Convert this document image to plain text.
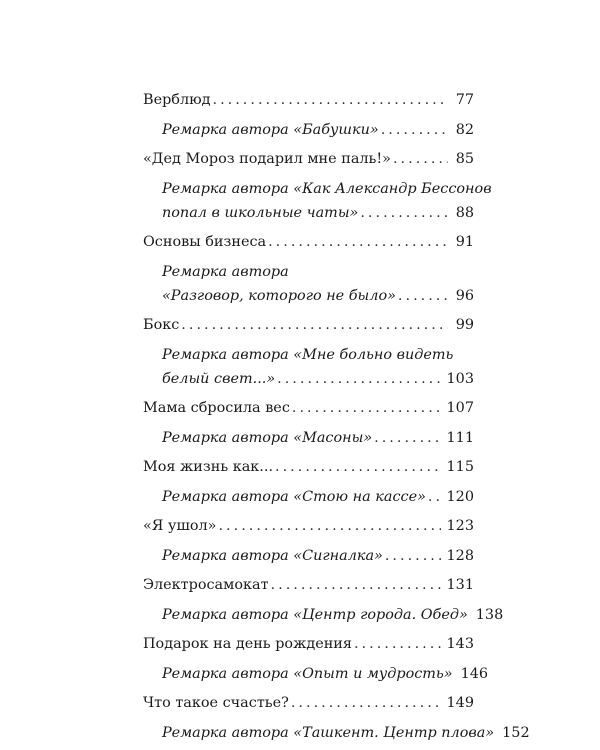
Верблюд .....	77
Ремарка автора «Бабушки» .....	82
«Дед Мороз подарил мне паль!» .....	85
Ремарка автора «Как Александр Бессонов
попал в школьные чаты» .....	88
Основы бизнеса .....	91
Ремарка автора
«Разговор, которого не было» .....	96
Бокс .....	99
Ремарка автора «Мне больно видеть
белый свет...» .....	103
Мама сбросила вес .....	107
Ремарка автора «Масоны» .....	111
Моя жизнь как... .....	115
Ремарка автора «Стою на кассе» ..... 120
«Я ушол» .....	123
Ремарка автора «Сигналка» .....	128
Электросамокат .....	131
Ремарка автора «Центр города. Обед» 138
Подарок на день рождения .....	143
Ремарка автора «Опыт и мудрость» 146
Что такое счастье? .....	149
Ремарка автора «Ташкент. Центр плова» 152
